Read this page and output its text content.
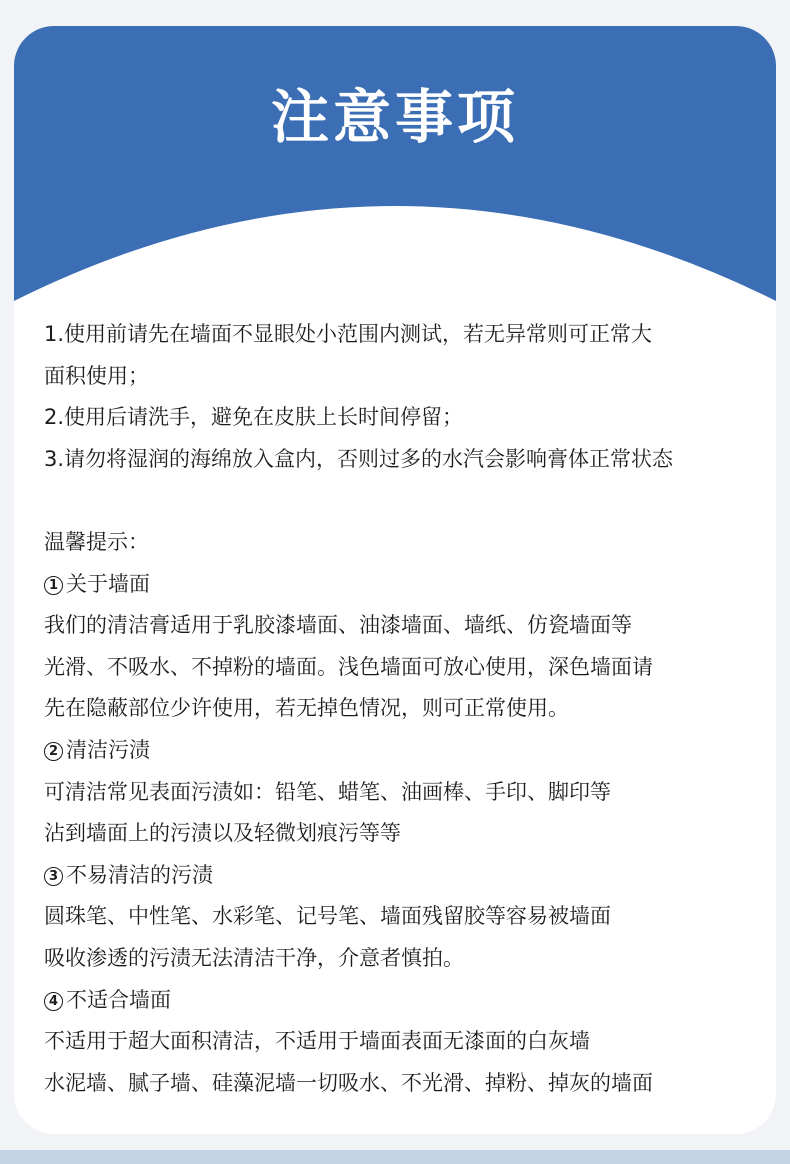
注意事项
1.使用前请先在墙面不显眼处小范围内测试，若无异常则可正常大
面积使用；
2.使用后请洗手，避免在皮肤上长时间停留；
3.请勿将湿润的海绵放入盒内，否则过多的水汽会影响膏体正常状态
温馨提示：
1 关于墙面
我们的清洁膏适用于乳胶漆墙面、油漆墙面、墙纸、仿瓷墙面等
光滑、不吸水、不掉粉的墙面。浅色墙面可放心使用，深色墙面请
先在隐蔽部位少许使用，若无掉色情况，则可正常使用。
2 清洁污渍
可清洁常见表面污渍如：铅笔、蜡笔、油画棒、手印、脚印等
沾到墙面上的污渍以及轻微划痕污等等
3 不易清洁的污渍
圆珠笔、中性笔、水彩笔、记号笔、墙面残留胶等容易被墙面
吸收渗透的污渍无法清洁干净，介意者慎拍。
4 不适合墙面
不适用于超大面积清洁，不适用于墙面表面无漆面的白灰墙
水泥墙、腻子墙、硅藻泥墙一切吸水、不光滑、掉粉、掉灰的墙面
